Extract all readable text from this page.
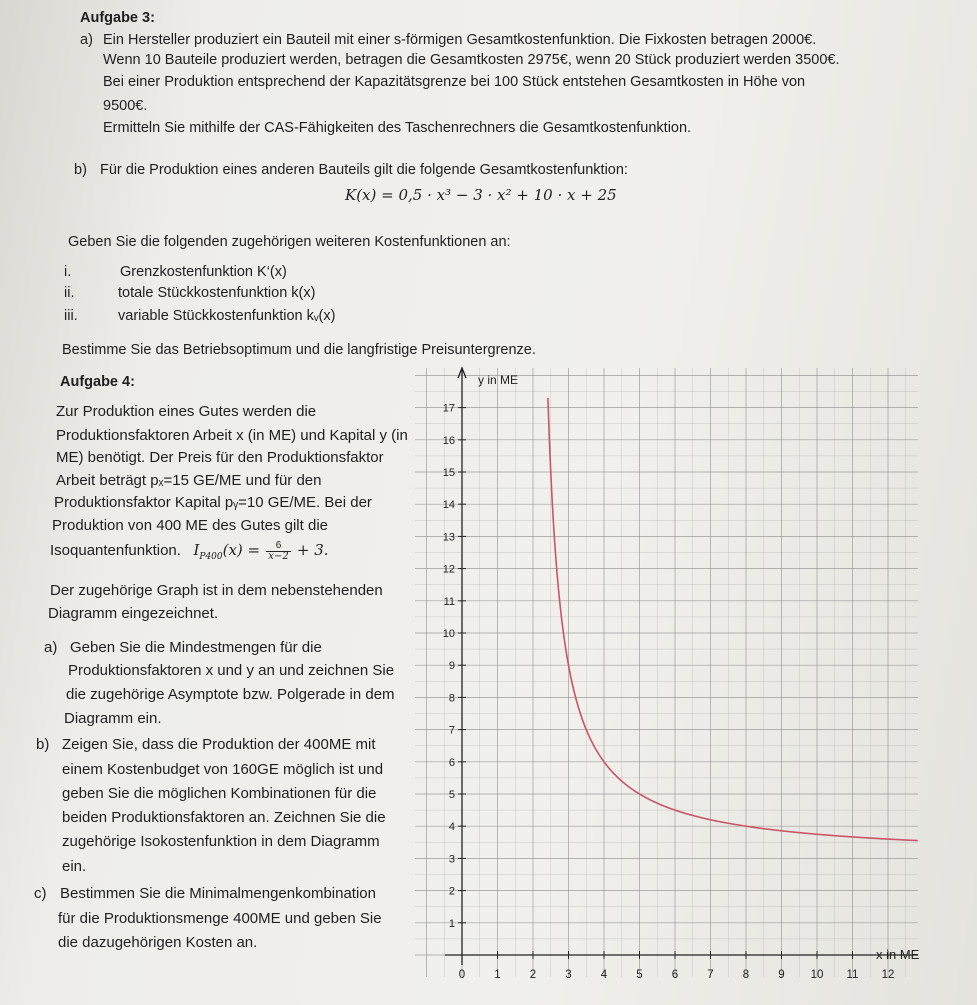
Aufgabe 3:
a) Ein Hersteller produziert ein Bauteil mit einer s-förmigen Gesamtkostenfunktion. Die Fixkosten betragen 2000€.
Wenn 10 Bauteile produziert werden, betragen die Gesamtkosten 2975€, wenn 20 Stück produziert werden 3500€.
Bei einer Produktion entsprechend der Kapazitätsgrenze bei 100 Stück entstehen Gesamtkosten in Höhe von
9500€.
Ermitteln Sie mithilfe der CAS-Fähigkeiten des Taschenrechners die Gesamtkostenfunktion.
b) Für die Produktion eines anderen Bauteils gilt die folgende Gesamtkostenfunktion:
K(x) = 0,5 · x³ − 3 · x² + 10 · x + 25
Geben Sie die folgenden zugehörigen weiteren Kostenfunktionen an:
i.	Grenzkostenfunktion K‘(x)
ii.	totale Stückkostenfunktion k(x)
iii.	variable Stückkostenfunktion kᵥ(x)
Bestimme Sie das Betriebsoptimum und die langfristige Preisuntergrenze.
Aufgabe 4:
Zur Produktion eines Gutes werden die
Produktionsfaktoren Arbeit x (in ME) und Kapital y (in
ME) benötigt. Der Preis für den Produktionsfaktor
Arbeit beträgt pₓ=15 GE/ME und für den
Produktionsfaktor Kapital pᵧ=10 GE/ME. Bei der
Produktion von 400 ME des Gutes gilt die
Isoquantenfunktion. $I_{P400}(x) = \frac{6}{x-2} + 3$.
Der zugehörige Graph ist in dem nebenstehenden
Diagramm eingezeichnet.
a) Geben Sie die Mindestmengen für die
Produktionsfaktoren x und y an und zeichnen Sie
die zugehörige Asymptote bzw. Polgerade in dem
Diagramm ein.
b) Zeigen Sie, dass die Produktion der 400ME mit
einem Kostenbudget von 160GE möglich ist und
geben Sie die möglichen Kombinationen für die
beiden Produktionsfaktoren an. Zeichnen Sie die
zugehörige Isokostenfunktion in dem Diagramm
ein.
c) Bestimmen Sie die Minimalmengenkombination
für die Produktionsmenge 400ME und geben Sie
die dazugehörigen Kosten an.
1
2
3
4
5
6
7
8
9
10
11
12
13
14
15
16
17
0	1	2	3	4	5	6	7	8	9 10 11 12
x in ME
y in ME
